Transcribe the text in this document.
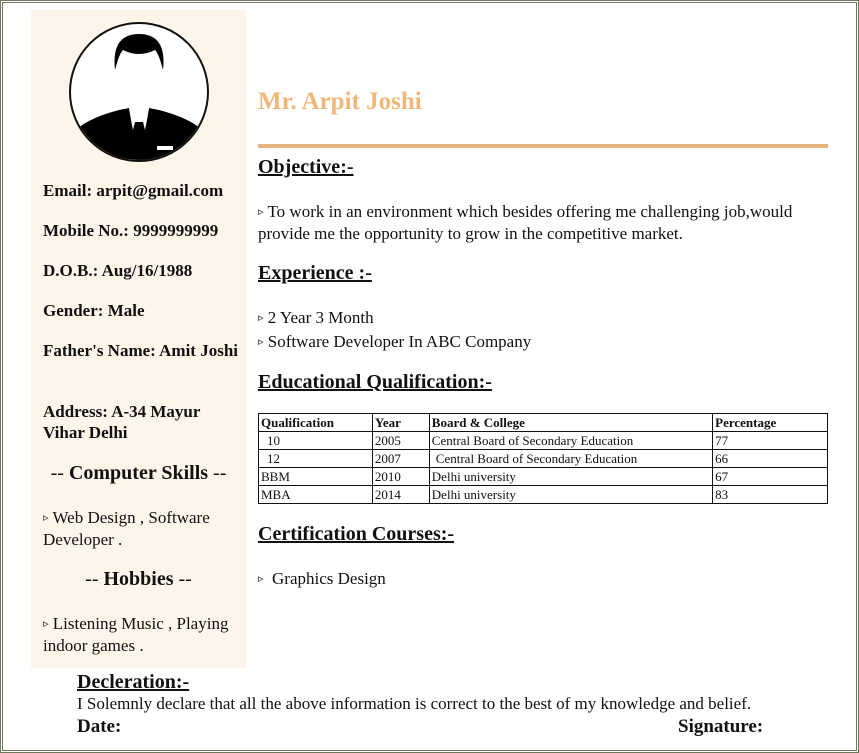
Email: arpit@gmail.com
Mobile No.: 9999999999
D.O.B.: Aug/16/1988
Gender: Male
Father's Name: Amit Joshi
Address: A-34 Mayur Vihar Delhi
-- Computer Skills --
▹ Web Design , Software Developer .
-- Hobbies --
▹ Listening Music , Playing indoor games .
Mr. Arpit Joshi
Objective:-
▹ To work in an environment which besides offering me challenging job,would provide me the opportunity to grow in the competitive market.
Experience :-
▹ 2 Year 3 Month
▹ Software Developer In ABC Company
Educational Qualification:-
Qualification	Year	Board & College	Percentage
10	2005	Central Board of Secondary Education	77
12	2007	Central Board of Secondary Education	66
BBM	2010	Delhi university	67
MBA	2014	Delhi university	83
Certification Courses:-
▹ Graphics Design
Decleration:-
I Solemnly declare that all the above information is correct to the best of my knowledge and belief.
Date:	Signature:
